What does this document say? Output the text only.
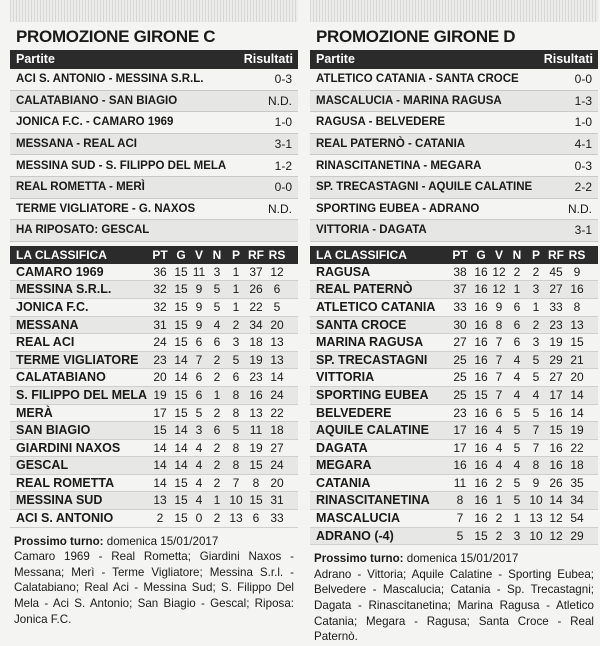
PROMOZIONE GIRONE C
Partite	Risultati
ACI S. ANTONIO - MESSINA S.R.L.	0-3
CALATABIANO - SAN BIAGIO	N.D.
JONICA F.C. - CAMARO 1969	1-0
MESSANA - REAL ACI	3-1
MESSINA SUD - S. FILIPPO DEL MELA	1-2
REAL ROMETTA - MERÌ	0-0
TERME VIGLIATORE - G. NAXOS	N.D.
HA RIPOSATO: GESCAL
LA CLASSIFICA	PT G V N P RF RS
CAMARO 1969	36 15 11 3	1 37 12
MESSINA S.R.L.	32 15 9 5	1 26 6
JONICA F.C.	32 15 9 5	1 22 5
MESSANA	31 15 9 4	2 34 20
REAL ACI	24 15 6 6	3 18 13
TERME VIGLIATORE	23 14 7 2	5 19 13
CALATABIANO	20 14 6 2	6 23 14
S. FILIPPO DEL MELA 19 15 6 1	8 16 24
MERÀ	17 15 5 2	8 13 22
SAN BIAGIO	15 14 3 6	5 11 18
GIARDINI NAXOS	14 14 4 2	8 19 27
GESCAL	14 14 4 2	8 15 24
REAL ROMETTA	14 15 4 2	7	8 20
MESSINA SUD	13 15 4 1 10 15 31
ACI S. ANTONIO	2 15 0 2 13 6 33
Prossimo turno: domenica 15/01/2017
Camaro 1969 - Real Rometta; Giardini Naxos - Messana; Merì - Terme Vigliatore; Messina S.r.l. - Calatabiano; Real Aci - Messina Sud; S. Filippo Del Mela - Aci S. Antonio; San Biagio - Gescal; Riposa: Jonica F.C.
PROMOZIONE GIRONE D
Partite	Risultati
ATLETICO CATANIA - SANTA CROCE	0-0
MASCALUCIA - MARINA RAGUSA	1-3
RAGUSA - BELVEDERE	1-0
REAL PATERNÒ - CATANIA	4-1
RINASCITANETINA - MEGARA	0-3
SP. TRECASTAGNI - AQUILE CALATINE	2-2
SPORTING EUBEA - ADRANO	N.D.
VITTORIA - DAGATA	3-1
LA CLASSIFICA	PT G V N P RF RS
RAGUSA	38 16 12 2	2 45 9
REAL PATERNÒ	37 16 12 1	3 27 16
ATLETICO CATANIA	33 16 9 6	1 33 8
SANTA CROCE	30 16 8 6	2 23 13
MARINA RAGUSA	27 16 7 6	3 19 15
SP. TRECASTAGNI	25 16 7 4	5 29 21
VITTORIA	25 16 7 4	5 27 20
SPORTING EUBEA	25 15 7 4	4 17 14
BELVEDERE	23 16 6 5	5 16 14
AQUILE CALATINE	17 16 4 5	7 15 19
DAGATA	17 16 4 5	7 16 22
MEGARA	16 16 4 4	8 16 18
CATANIA	11 16 2 5	9 26 35
RINASCITANETINA	8 16 1 5 10 14 34
MASCALUCIA	7 16 2 1 13 12 54
ADRANO (-4)	5 15 2 3 10 12 29
Prossimo turno: domenica 15/01/2017
Adrano - Vittoria; Aquile Calatine - Sporting Eubea; Belvedere - Mascalucia; Catania - Sp. Trecastagni; Dagata - Rinascitanetina; Marina Ragusa - Atletico Catania; Megara - Ragusa; Santa Croce - Real Paternò.
